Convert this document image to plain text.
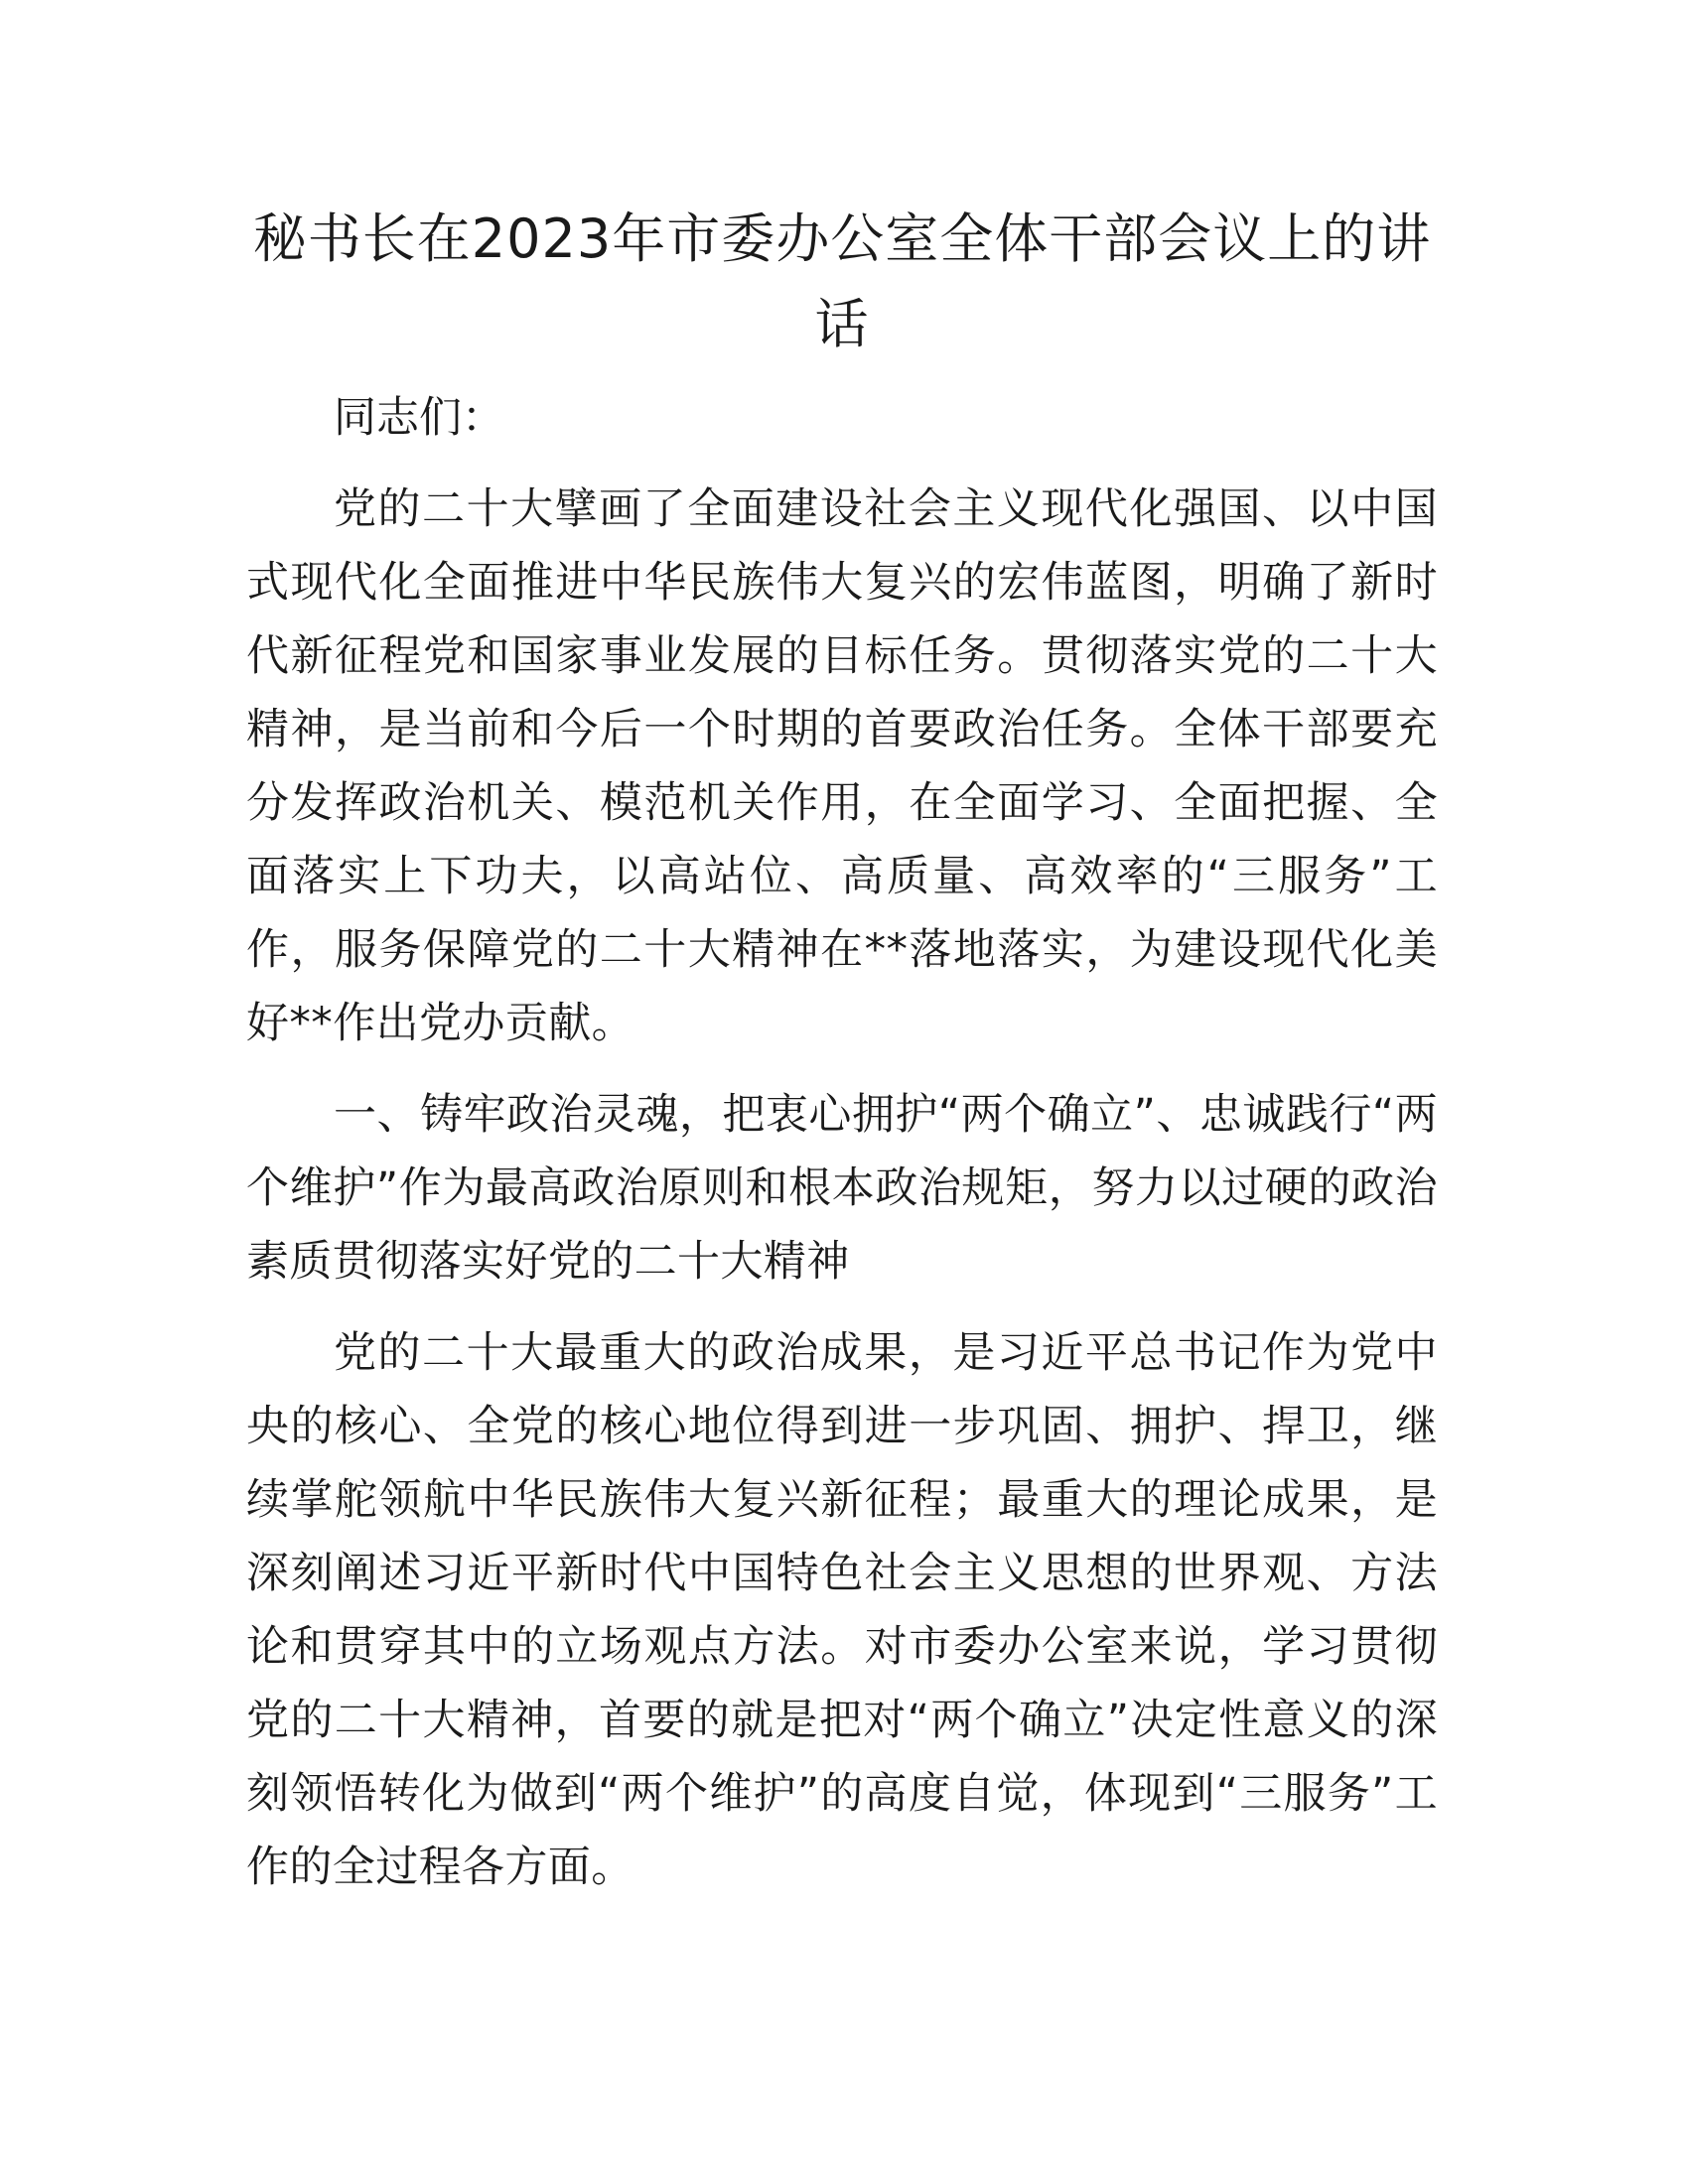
秘书长在2023年市委办公室全体干部会议上的讲话

同志们：

党的二十大擘画了全面建设社会主义现代化强国、以中国式现代化全面推进中华民族伟大复兴的宏伟蓝图，明确了新时代新征程党和国家事业发展的目标任务。贯彻落实党的二十大精神，是当前和今后一个时期的首要政治任务。全体干部要充分发挥政治机关、模范机关作用，在全面学习、全面把握、全面落实上下功夫，以高站位、高质量、高效率的“三服务”工作，服务保障党的二十大精神在**落地落实，为建设现代化美好**作出党办贡献。

一、铸牢政治灵魂，把衷心拥护“两个确立”、忠诚践行“两个维护”作为最高政治原则和根本政治规矩，努力以过硬的政治素质贯彻落实好党的二十大精神

党的二十大最重大的政治成果，是习近平总书记作为党中央的核心、全党的核心地位得到进一步巩固、拥护、捍卫，继续掌舵领航中华民族伟大复兴新征程；最重大的理论成果，是深刻阐述习近平新时代中国特色社会主义思想的世界观、方法论和贯穿其中的立场观点方法。对市委办公室来说，学习贯彻党的二十大精神，首要的就是把对“两个确立”决定性意义的深刻领悟转化为做到“两个维护”的高度自觉，体现到“三服务”工作的全过程各方面。
